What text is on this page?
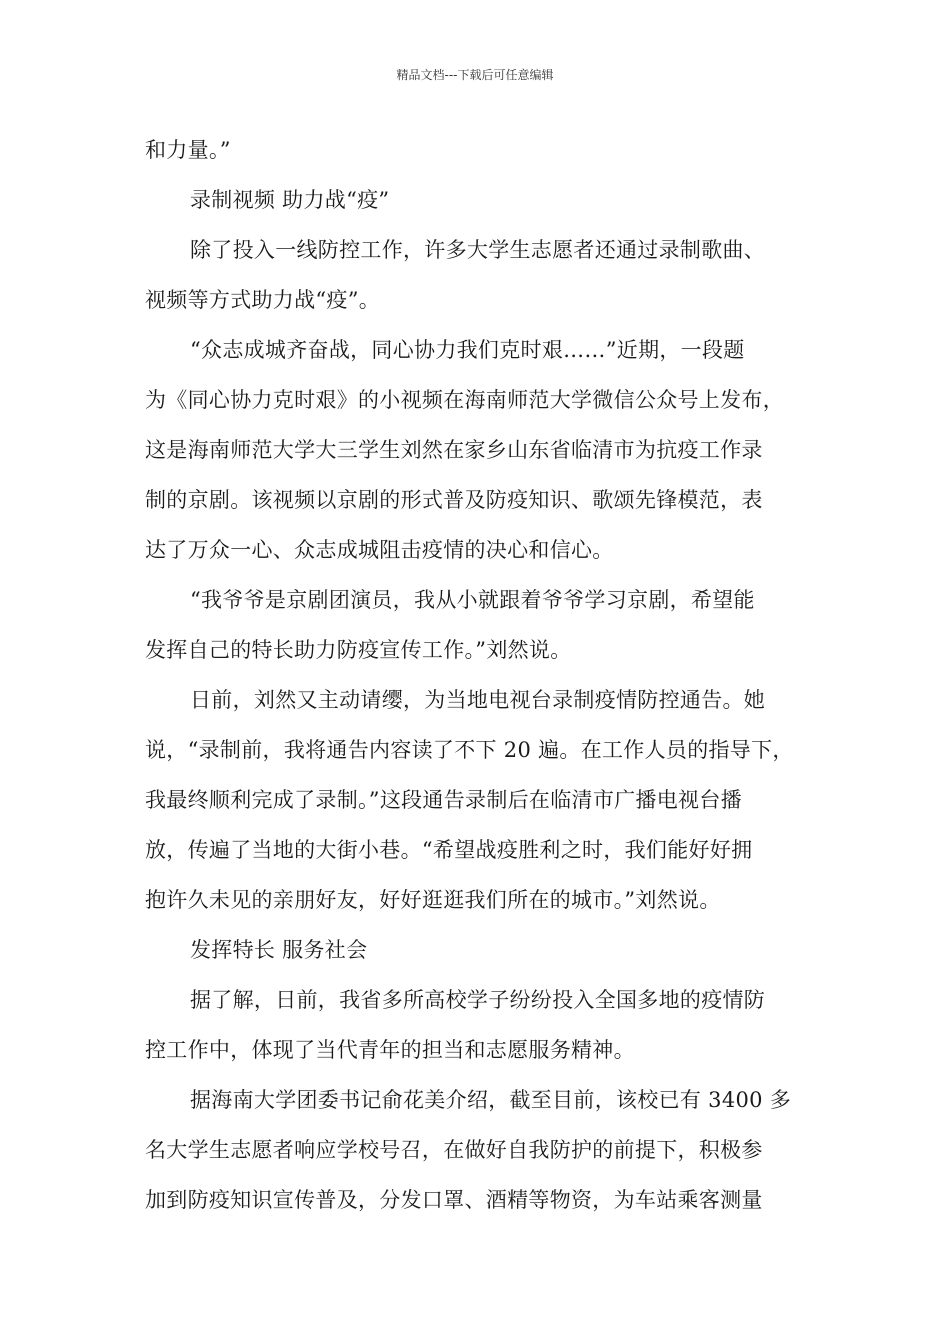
精品文档---下载后可任意编辑
和力量。”
录制视频 助力战“疫”
除了投入一线防控工作，许多大学生志愿者还通过录制歌曲、
视频等方式助力战“疫”。
“众志成城齐奋战，同心协力我们克时艰……”近期，一段题
为《同心协力克时艰》的小视频在海南师范大学微信公众号上发布，
这是海南师范大学大三学生刘然在家乡山东省临清市为抗疫工作录
制的京剧。该视频以京剧的形式普及防疫知识、歌颂先锋模范，表
达了万众一心、众志成城阻击疫情的决心和信心。
“我爷爷是京剧团演员，我从小就跟着爷爷学习京剧，希望能
发挥自己的特长助力防疫宣传工作。”刘然说。
日前，刘然又主动请缨，为当地电视台录制疫情防控通告。她
说，“录制前，我将通告内容读了不下 20 遍。在工作人员的指导下，
我最终顺利完成了录制。”这段通告录制后在临清市广播电视台播
放，传遍了当地的大街小巷。“希望战疫胜利之时，我们能好好拥
抱许久未见的亲朋好友，好好逛逛我们所在的城市。”刘然说。
发挥特长 服务社会
据了解，日前，我省多所高校学子纷纷投入全国多地的疫情防
控工作中，体现了当代青年的担当和志愿服务精神。
据海南大学团委书记俞花美介绍，截至目前，该校已有 3400 多
名大学生志愿者响应学校号召，在做好自我防护的前提下，积极参
加到防疫知识宣传普及，分发口罩、酒精等物资，为车站乘客测量
